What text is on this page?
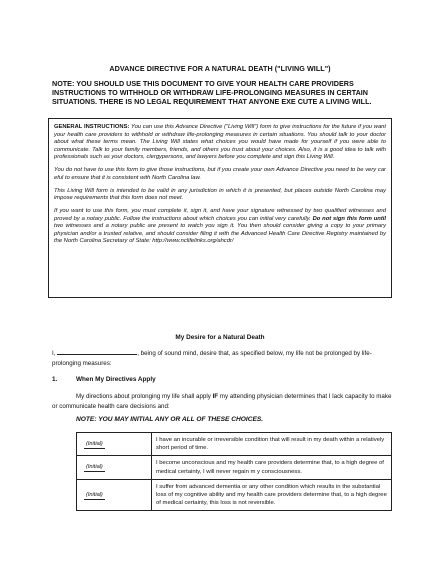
ADVANCE DIRECTIVE FOR A NATURAL DEATH ("LIVING WILL")

NOTE: YOU SHOULD USE THIS DOCUMENT TO GIVE YOUR HEALTH CARE PROVIDERS INSTRUCTIONS TO WITHHOLD OR WITHDRAW LIFE-PROLONGING MEASURES IN CERTAIN SITUATIONS. THERE IS NO LEGAL REQUIREMENT THAT ANYONE EXE CUTE A LIVING WILL.

GENERAL INSTRUCTIONS: You can use this Advance Directive ("Living Will") form to give instructions for the future if you want your health care providers to withhold or withdraw life-prolonging measures in certain situations. You should talk to your doctor about what these terms mean. The Living Will states what choices you would have made for yourself if you were able to communicate. Talk to your family members, friends, and others you trust about your choices. Also, it is a good idea to talk with professionals such as your doctors, clergypersons, and lawyers before you complete and sign this Living Will.

You do not have to use this form to give those instructions, but if you create your own Advance Directive you need to be very car eful to ensure that it is consistent with North Carolina law.

This Living Will form is intended to be valid in any jurisdiction in which it is presented, but places outside North Carolina may impose requirements that this form does not meet.

If you want to use this form, you must complete it, sign it, and have your signature witnessed by two qualified witnesses and proved by a notary public. Follow the instructions about which choices you can initial very carefully. Do not sign this form until two witnesses and a notary public are present to watch you sign it. You then should consider giving a copy to your primary physician and/or a trusted relative, and should consider filing it with the Advanced Health Care Directive Registry maintained by the North Carolina Secretary of State: http://www.nclifelinks.org/ahcdr/

My Desire for a Natural Death

I,	, being of sound mind, desire that, as specified below, my life not be prolonged by life-prolonging measures:

1.	When My Directives Apply

My directions about prolonging my life shall apply IF my attending physician determines that I lack capacity to make or communicate health care decisions and:

NOTE: YOU MAY INITIAL ANY OR ALL OF THESE CHOICES.
(Initial)	I have an incurable or irreversible condition that will result in my death within a relatively short period of time.
(Initial)	I become unconscious and my health care providers determine that, to a high degree of medical certainty, I will never regain m y consciousness.
(Initial)	I suffer from advanced dementia or any other condition which results in the substantial loss of my cognitive ability and my health care providers determine that, to a high degree of medical certainty, this loss is not reversible.
